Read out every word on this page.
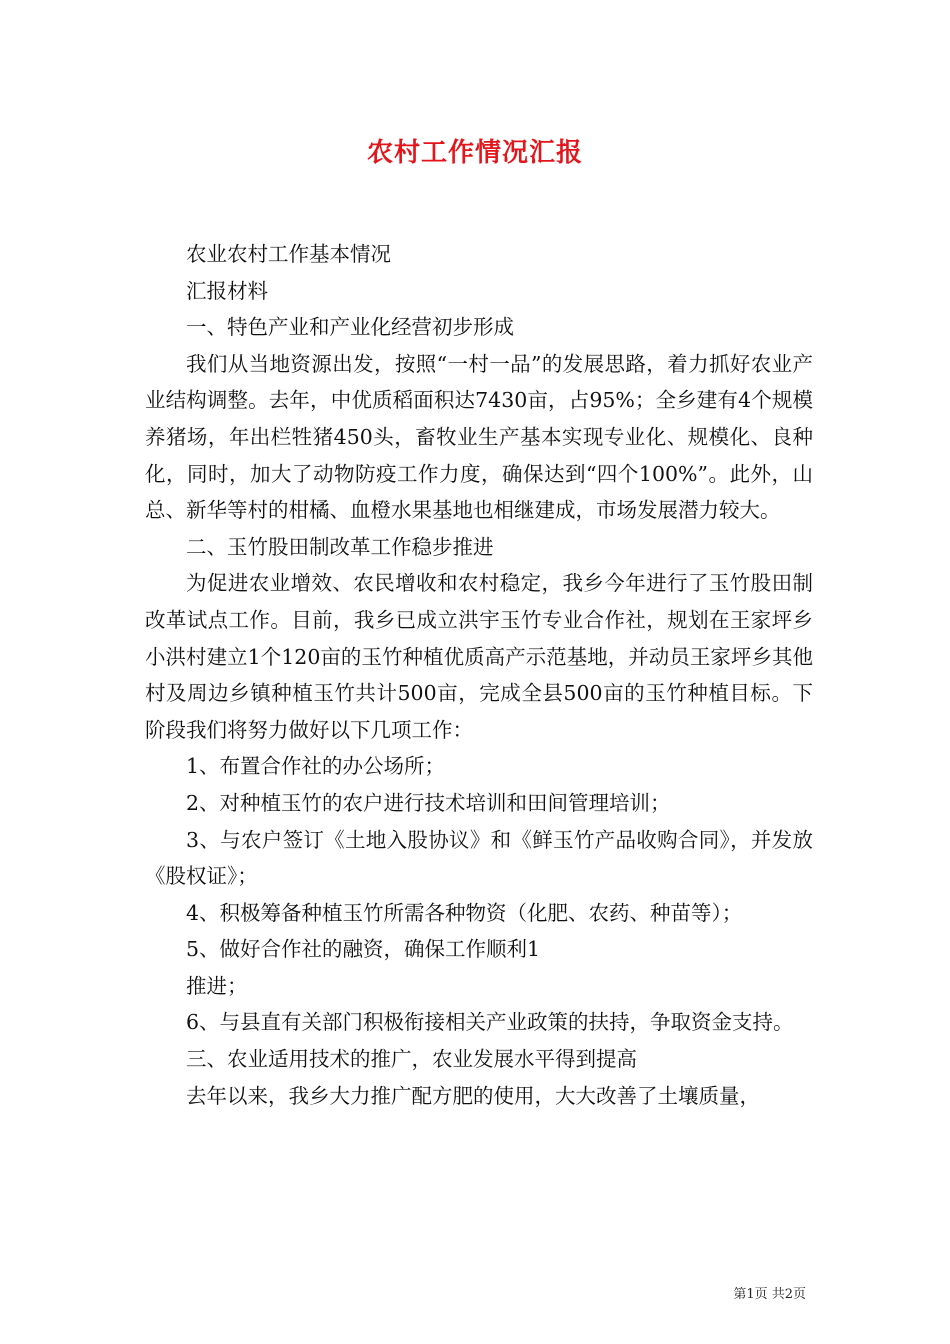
农村工作情况汇报

农业农村工作基本情况

汇报材料

一、特色产业和产业化经营初步形成

我们从当地资源出发，按照“一村一品”的发展思路，着力抓好农业产业结构调整。去年，中优质稻面积达7430亩，占95%；全乡建有4个规模养猪场，年出栏牲猪450头，畜牧业生产基本实现专业化、规模化、良种化，同时，加大了动物防疫工作力度，确保达到“四个100%”。此外，山总、新华等村的柑橘、血橙水果基地也相继建成，市场发展潜力较大。

二、玉竹股田制改革工作稳步推进

为促进农业增效、农民增收和农村稳定，我乡今年进行了玉竹股田制改革试点工作。目前，我乡已成立洪宇玉竹专业合作社，规划在王家坪乡小洪村建立1个120亩的玉竹种植优质高产示范基地，并动员王家坪乡其他村及周边乡镇种植玉竹共计500亩，完成全县500亩的玉竹种植目标。下阶段我们将努力做好以下几项工作：

1、布置合作社的办公场所；

2、对种植玉竹的农户进行技术培训和田间管理培训；

3、与农户签订《土地入股协议》和《鲜玉竹产品收购合同》，并发放《股权证》；

4、积极筹备种植玉竹所需各种物资（化肥、农药、种苗等）；

5、做好合作社的融资，确保工作顺利1

推进；

6、与县直有关部门积极衔接相关产业政策的扶持，争取资金支持。

三、农业适用技术的推广，农业发展水平得到提高

去年以来，我乡大力推广配方肥的使用，大大改善了土壤质量，

第1页 共2页
